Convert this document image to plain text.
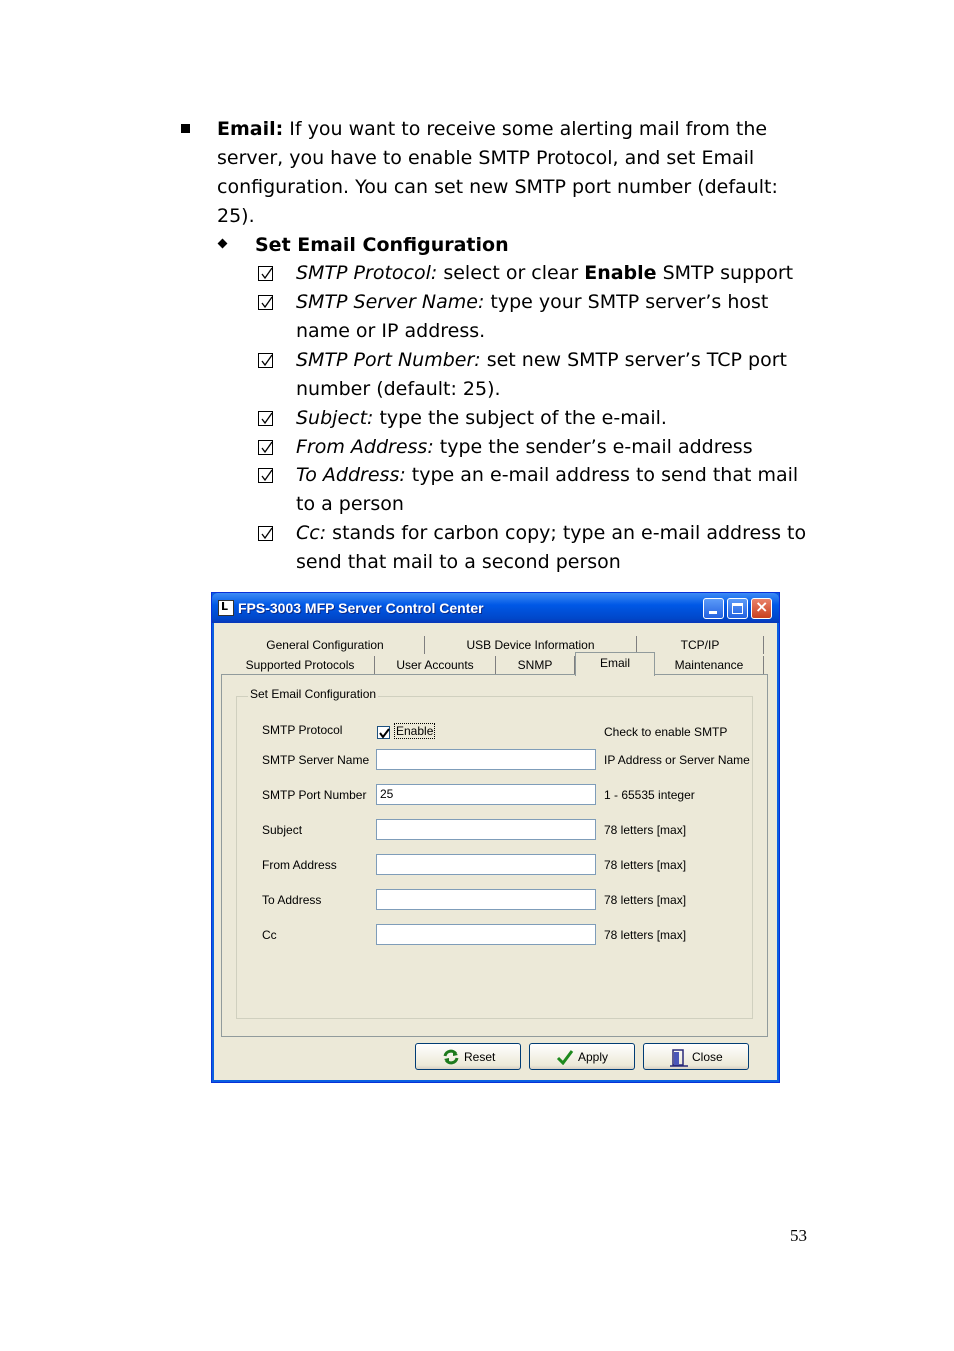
Email: If you want to receive some alerting mail from the
server, you have to enable SMTP Protocol, and set Email
configuration. You can set new SMTP port number (default:
25).
Set Email Configuration
SMTP Protocol: select or clear Enable SMTP support
SMTP Server Name: type your SMTP server’s host
name or IP address.
SMTP Port Number: set new SMTP server’s TCP port
number (default: 25).
Subject: type the subject of the e-mail.
From Address: type the sender’s e-mail address
To Address: type an e-mail address to send that mail
to a person
Cc: stands for carbon copy; type an e-mail address to
send that mail to a second person
L FPS-3003 MFP Server Control Center	×
General Configuration	USB Device Information	TCP/IP
Supported Protocols	User Accounts	SNMP	Email	Maintenance
Set Email Configuration
SMTP Protocol	Enable	Check to enable SMTP
SMTP Server Name	IP Address or Server Name
SMTP Port Number	25	1 - 65535 integer
Subject	78 letters [max]
From Address	78 letters [max]
To Address	78 letters [max]
Cc	78 letters [max]
Reset	Apply	Close
53
